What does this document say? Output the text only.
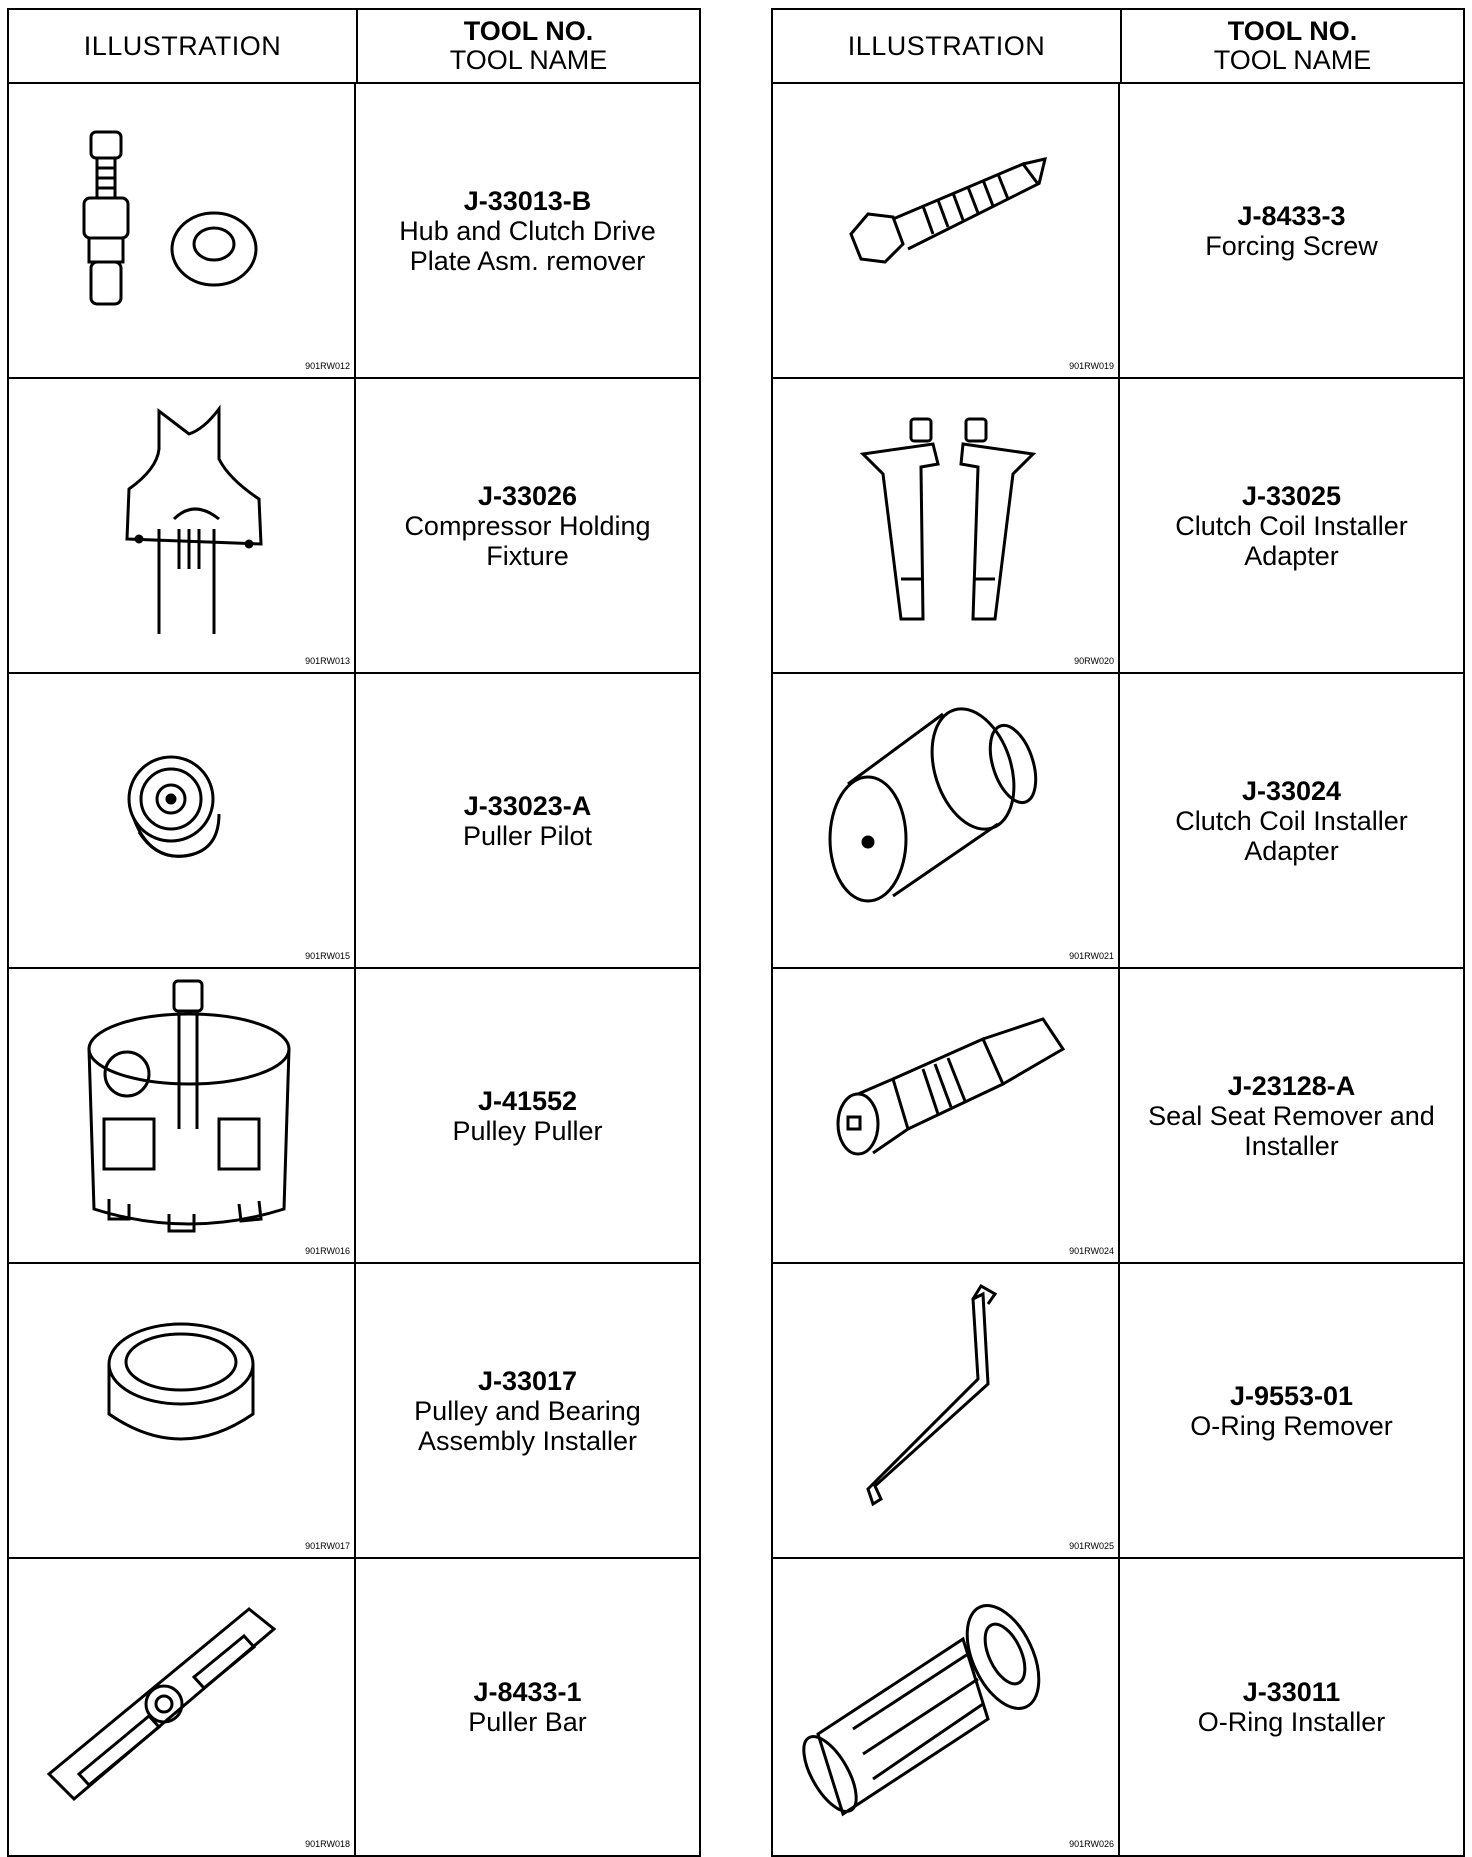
ILLUSTRATION	TOOL NO.
TOOL NAME
901RW012
J-33013-B
Hub and Clutch Drive Plate Asm. remover
901RW013
J-33026
Compressor Holding Fixture
901RW015
J-33023-A
Puller Pilot
901RW016
J-41552
Pulley Puller
901RW017
J-33017
Pulley and Bearing Assembly Installer
901RW018
J-8433-1
Puller Bar
ILLUSTRATION	TOOL NO.
TOOL NAME
901RW019
J-8433-3
Forcing Screw
90RW020
J-33025
Clutch Coil Installer Adapter
901RW021
J-33024
Clutch Coil Installer Adapter
901RW024
J-23128-A
Seal Seat Remover and Installer
901RW025
J-9553-01
O-Ring Remover
901RW026
J-33011
O-Ring Installer
